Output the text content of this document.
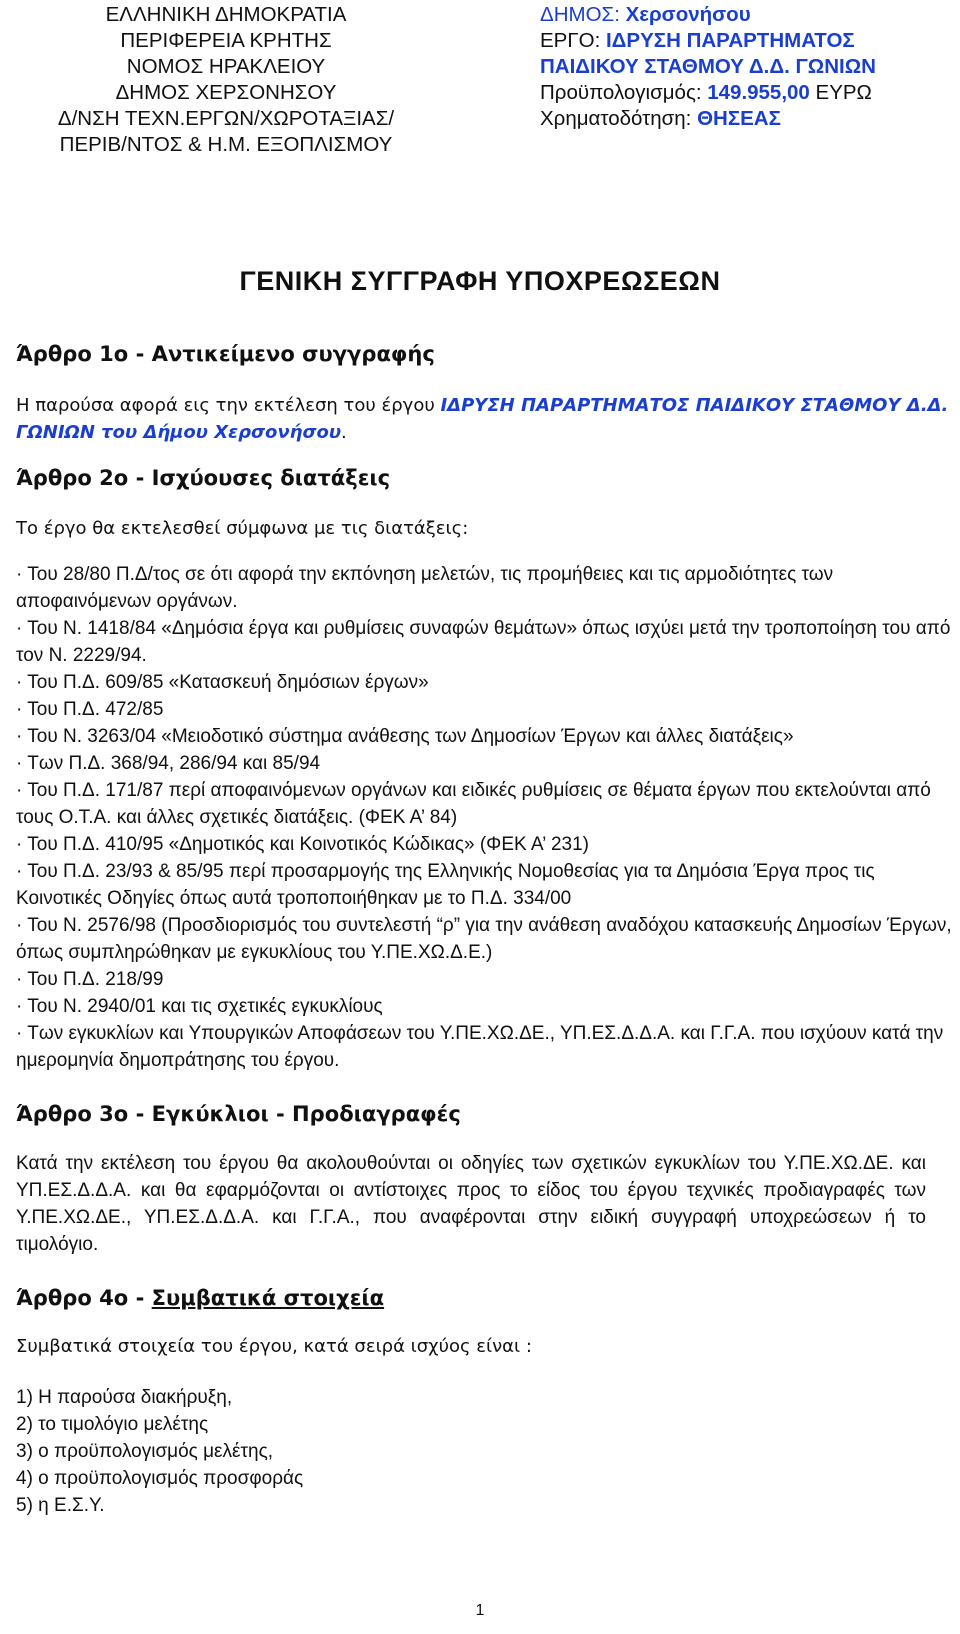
ΕΛΛΗΝΙΚΗ ΔΗΜΟΚΡΑΤΙΑ
ΠΕΡΙΦΕΡΕΙΑ ΚΡΗΤΗΣ
ΝΟΜΟΣ ΗΡΑΚΛΕΙΟΥ
ΔΗΜΟΣ ΧΕΡΣΟΝΗΣΟΥ
Δ/ΝΣΗ ΤΕΧΝ.ΕΡΓΩΝ/ΧΩΡΟΤΑΞΙΑΣ/
ΠΕΡΙΒ/ΝΤΟΣ & Η.Μ. ΕΞΟΠΛΙΣΜΟΥ
ΔΗΜΟΣ: Χερσονήσου
ΕΡΓΟ: ΙΔΡΥΣΗ ΠΑΡΑΡΤΗΜΑΤΟΣ
ΠΑΙΔΙΚΟΥ ΣΤΑΘΜΟΥ Δ.Δ. ΓΩΝΙΩΝ
Προϋπολογισμός: 149.955,00 ΕΥΡΩ
Χρηματοδότηση: ΘΗΣΕΑΣ
ΓΕΝΙΚΗ ΣΥΓΓΡΑΦΗ ΥΠΟΧΡΕΩΣΕΩΝ
Άρθρο 1ο - Αντικείμενο συγγραφής

Η παρούσα αφορά εις την εκτέλεση του έργου ΙΔΡΥΣΗ ΠΑΡΑΡΤΗΜΑΤΟΣ ΠΑΙΔΙΚΟΥ ΣΤΑΘΜΟΥ Δ.Δ. ΓΩΝΙΩΝ του Δήμου Χερσονήσου.

Άρθρο 2ο - Ισχύουσες διατάξεις

Το έργο θα εκτελεσθεί σύμφωνα με τις διατάξεις:

· Του 28/80 Π.Δ/τος σε ότι αφορά την εκπόνηση μελετών, τις προμήθειες και τις αρμοδιότητες των αποφαινόμενων οργάνων.
· Του Ν. 1418/84 «Δημόσια έργα και ρυθμίσεις συναφών θεμάτων» όπως ισχύει μετά την τροποποίηση του από τον Ν. 2229/94.
· Του Π.Δ. 609/85 «Κατασκευή δημόσιων έργων»
· Του Π.Δ. 472/85
· Του Ν. 3263/04 «Μειοδοτικό σύστημα ανάθεσης των Δημοσίων Έργων και άλλες διατάξεις»
· Των Π.Δ. 368/94, 286/94 και 85/94
· Του Π.Δ. 171/87 περί αποφαινόμενων οργάνων και ειδικές ρυθμίσεις σε θέματα έργων που εκτελούνται από τους Ο.Τ.Α. και άλλες σχετικές διατάξεις. (ΦΕΚ Α’ 84)
· Του Π.Δ. 410/95 «Δημοτικός και Κοινοτικός Κώδικας» (ΦΕΚ Α’ 231)
· Του Π.Δ. 23/93 & 85/95 περί προσαρμογής της Ελληνικής Νομοθεσίας για τα Δημόσια Έργα προς τις Κοινοτικές Οδηγίες όπως αυτά τροποποιήθηκαν με το Π.Δ. 334/00
· Του Ν. 2576/98 (Προσδιορισμός του συντελεστή “ρ” για την ανάθεση αναδόχου κατασκευής Δημοσίων Έργων, όπως συμπληρώθηκαν με εγκυκλίους του Υ.ΠΕ.ΧΩ.Δ.Ε.)
· Του Π.Δ. 218/99
· Του Ν. 2940/01 και τις σχετικές εγκυκλίους
· Των εγκυκλίων και Υπουργικών Αποφάσεων του Υ.ΠΕ.ΧΩ.ΔΕ., ΥΠ.ΕΣ.Δ.Δ.Α. και Γ.Γ.Α. που ισχύουν κατά την ημερομηνία δημοπράτησης του έργου.
Άρθρο 3ο - Εγκύκλιοι - Προδιαγραφές

Κατά την εκτέλεση του έργου θα ακολουθούνται οι οδηγίες των σχετικών εγκυκλίων του Υ.ΠΕ.ΧΩ.ΔΕ. και ΥΠ.ΕΣ.Δ.Δ.Α. και θα εφαρμόζονται οι αντίστοιχες προς το είδος του έργου τεχνικές προδιαγραφές των Υ.ΠΕ.ΧΩ.ΔΕ., ΥΠ.ΕΣ.Δ.Δ.Α. και Γ.Γ.Α., που αναφέρονται στην ειδική συγγραφή υποχρεώσεων ή το τιμολόγιο.

Άρθρο 4ο - Συμβατικά στοιχεία

Συμβατικά στοιχεία του έργου, κατά σειρά ισχύος είναι :

1) Η παρούσα διακήρυξη,
2) το τιμολόγιο μελέτης
3) ο προϋπολογισμός μελέτης,
4) ο προϋπολογισμός προσφοράς
5) η Ε.Σ.Υ.
1
